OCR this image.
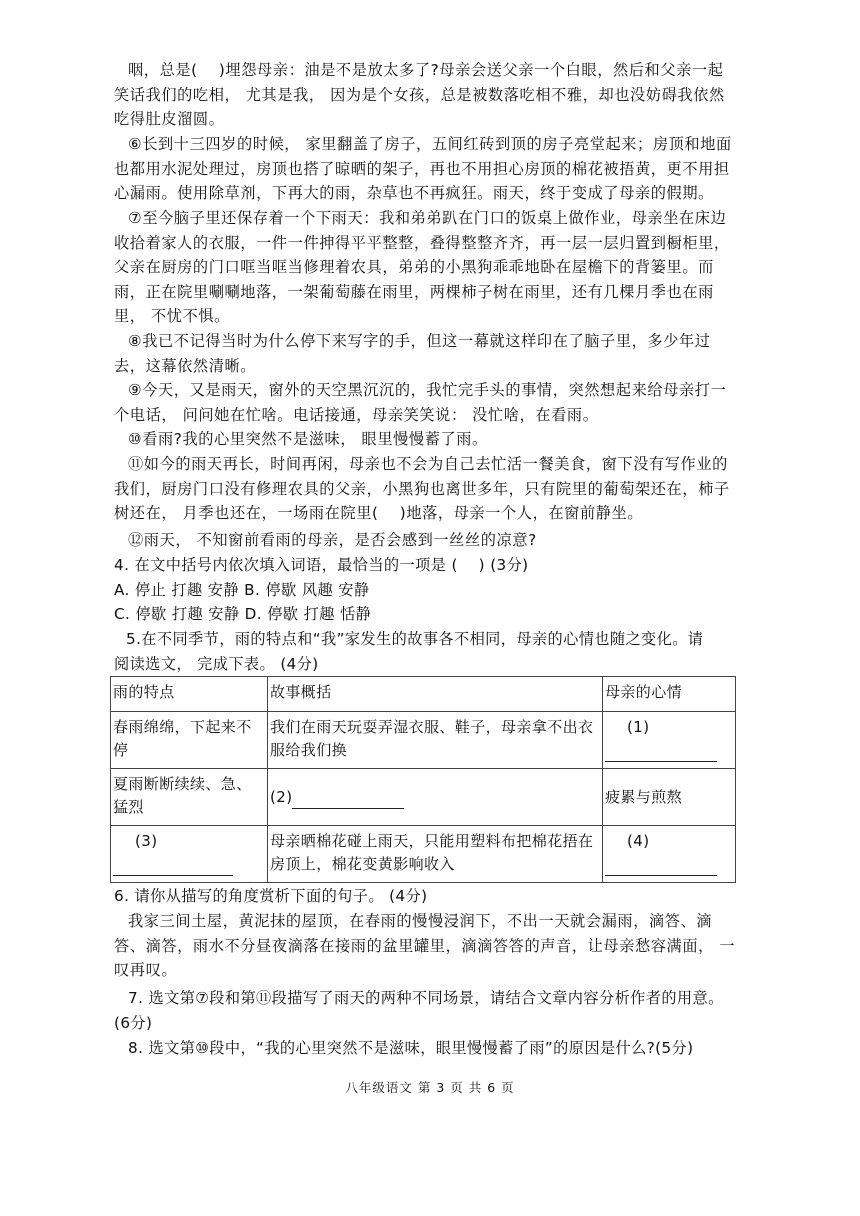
咽，总是(　 )埋怨母亲：油是不是放太多了?母亲会送父亲一个白眼，然后和父亲一起
笑话我们的吃相， 尤其是我， 因为是个女孩，总是被数落吃相不雅，却也没妨碍我依然
吃得肚皮溜圆。
⑥长到十三四岁的时候， 家里翻盖了房子，五间红砖到顶的房子亮堂起来；房顶和地面
也都用水泥处理过，房顶也搭了晾晒的架子，再也不用担心房顶的棉花被捂黄，更不用担
心漏雨。使用除草剂，下再大的雨，杂草也不再疯狂。雨天，终于变成了母亲的假期。
⑦至今脑子里还保存着一个下雨天：我和弟弟趴在门口的饭桌上做作业，母亲坐在床边
收拾着家人的衣服，一件一件抻得平平整整，叠得整整齐齐，再一层一层归置到橱柜里，
父亲在厨房的门口哐当哐当修理着农具，弟弟的小黑狗乖乖地卧在屋檐下的背篓里。而
雨，正在院里唰唰地落，一架葡萄藤在雨里，两棵柿子树在雨里，还有几棵月季也在雨
里， 不忧不惧。
⑧我已不记得当时为什么停下来写字的手，但这一幕就这样印在了脑子里，多少年过
去，这幕依然清晰。
⑨今天，又是雨天，窗外的天空黑沉沉的，我忙完手头的事情，突然想起来给母亲打一
个电话， 问问她在忙啥。电话接通，母亲笑笑说： 没忙啥，在看雨。
⑩看雨?我的心里突然不是滋味， 眼里慢慢蓄了雨。
⑪如今的雨天再长，时间再闲，母亲也不会为自己去忙活一餐美食，窗下没有写作业的
我们，厨房门口没有修理农具的父亲，小黑狗也离世多年，只有院里的葡萄架还在，柿子
树还在， 月季也还在，一场雨在院里(　 )地落，母亲一个人，在窗前静坐。
⑫雨天， 不知窗前看雨的母亲，是否会感到一丝丝的凉意?
4. 在文中括号内依次填入词语，最恰当的一项是 (　 ) (3分)
A. 停止 打趣 安静 B. 停歇 风趣 安静
C. 停歇 打趣 安静 D. 停歇 打趣 恬静
5.在不同季节，雨的特点和“我”家发生的故事各不相同，母亲的心情也随之变化。请
阅读选文， 完成下表。 (4分)
雨的特点	故事概括	母亲的心情
春雨绵绵，下起来不停	我们在雨天玩耍弄湿衣服、鞋子，母亲拿不出衣服给我们换	(1)

夏雨断断续续、急、猛烈	(2)	疲累与煎熬

(3)	母亲晒棉花碰上雨天，只能用塑料布把棉花捂在房顶上，棉花变黄影响收入	(4)
6. 请你从描写的角度赏析下面的句子。 (4分)
我家三间土屋，黄泥抹的屋顶，在春雨的慢慢浸润下，不出一天就会漏雨，滴答、滴
答、滴答，雨水不分昼夜滴落在接雨的盆里罐里，滴滴答答的声音，让母亲愁容满面， 一
叹再叹。
7. 选文第⑦段和第⑪段描写了雨天的两种不同场景，请结合文章内容分析作者的用意。
(6分)
8. 选文第⑩段中，“我的心里突然不是滋味，眼里慢慢蓄了雨”的原因是什么?(5分)
八年级语文 第 3 页 共 6 页
